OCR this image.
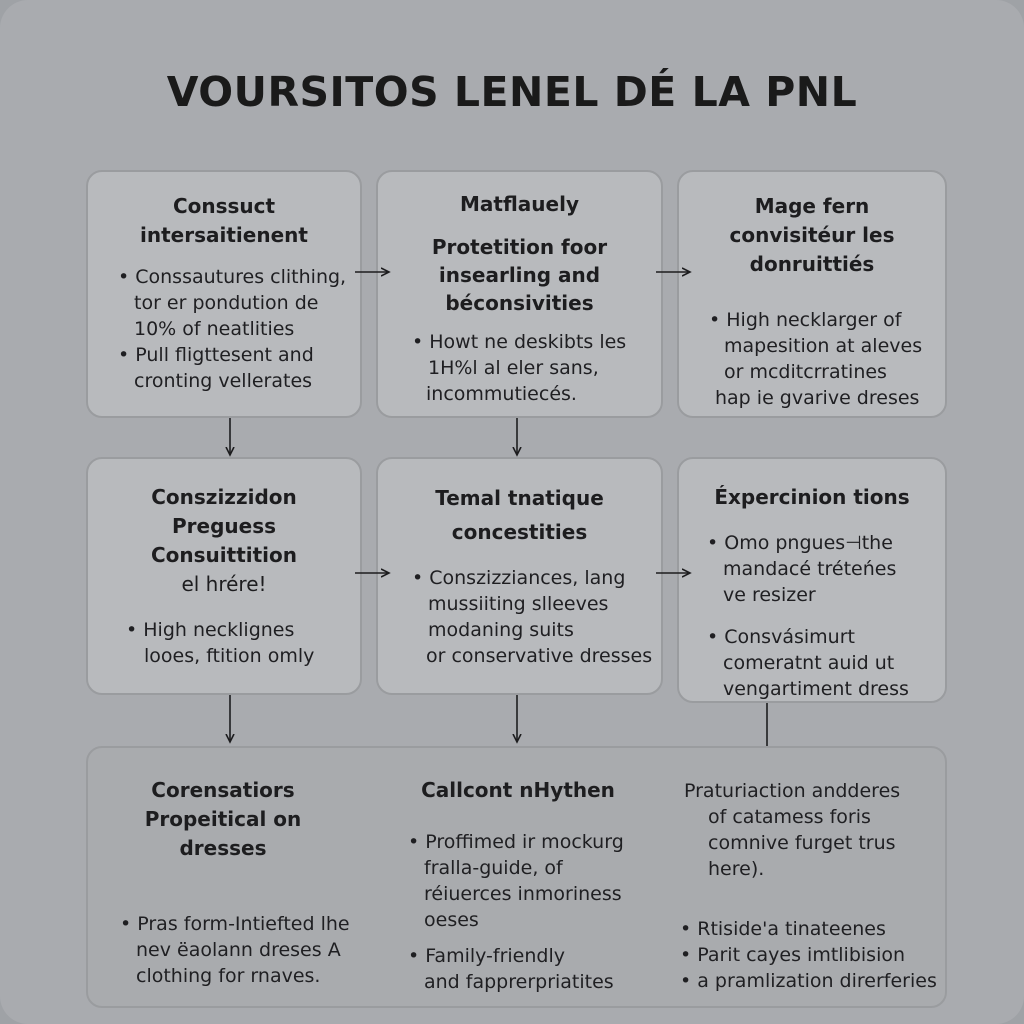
VOURSITOS LENEL DÉ LA PNL

Conssuct

intersaitienent

• Conssautures clithing,

tor er pondution de

10% of neatlities

• Pull fligttesent and

cronting vellerates

Matflauely

Protetition foor

insearling and

béconsivities

• Howt ne deskibts les

1H%l al eler sans,

incommutiecés.

Mage fern

convisitéur les

donruittiés

• High necklarger of

mapesition at aleves

or mcditcrratines

hap ie gvarive dreses

Conszizzidon

Preguess

Consuittition

el hrére!

• High necklignes

looes, ftition omly

Temal tnatique

concestities

• Conszizziances, lang

mussiiting slleeves

modaning suits

or conservative dresses

Éxpercinion tions

• Omo pngues⊣the

mandacé tréteńes

ve resizer

• Consvásimurt

comeratnt auid ut

vengartiment dress

Corensatiors

Propeitical on

dresses

• Pras form-Intiefted lhe

nev ëaolann dreses A

clothing for rnaves.

Callcont nHythen

• Proffimed ir mockurg

fralla-guide, of

réiuerces inmoriness

oeses

• Family-friendly

and fapprerpriatites

Praturiaction andderes

of catamess foris

comnive furget trus

here).

• Rtiside'a tinateenes

• Parit cayes imtlibision

• a pramlization direrferies
